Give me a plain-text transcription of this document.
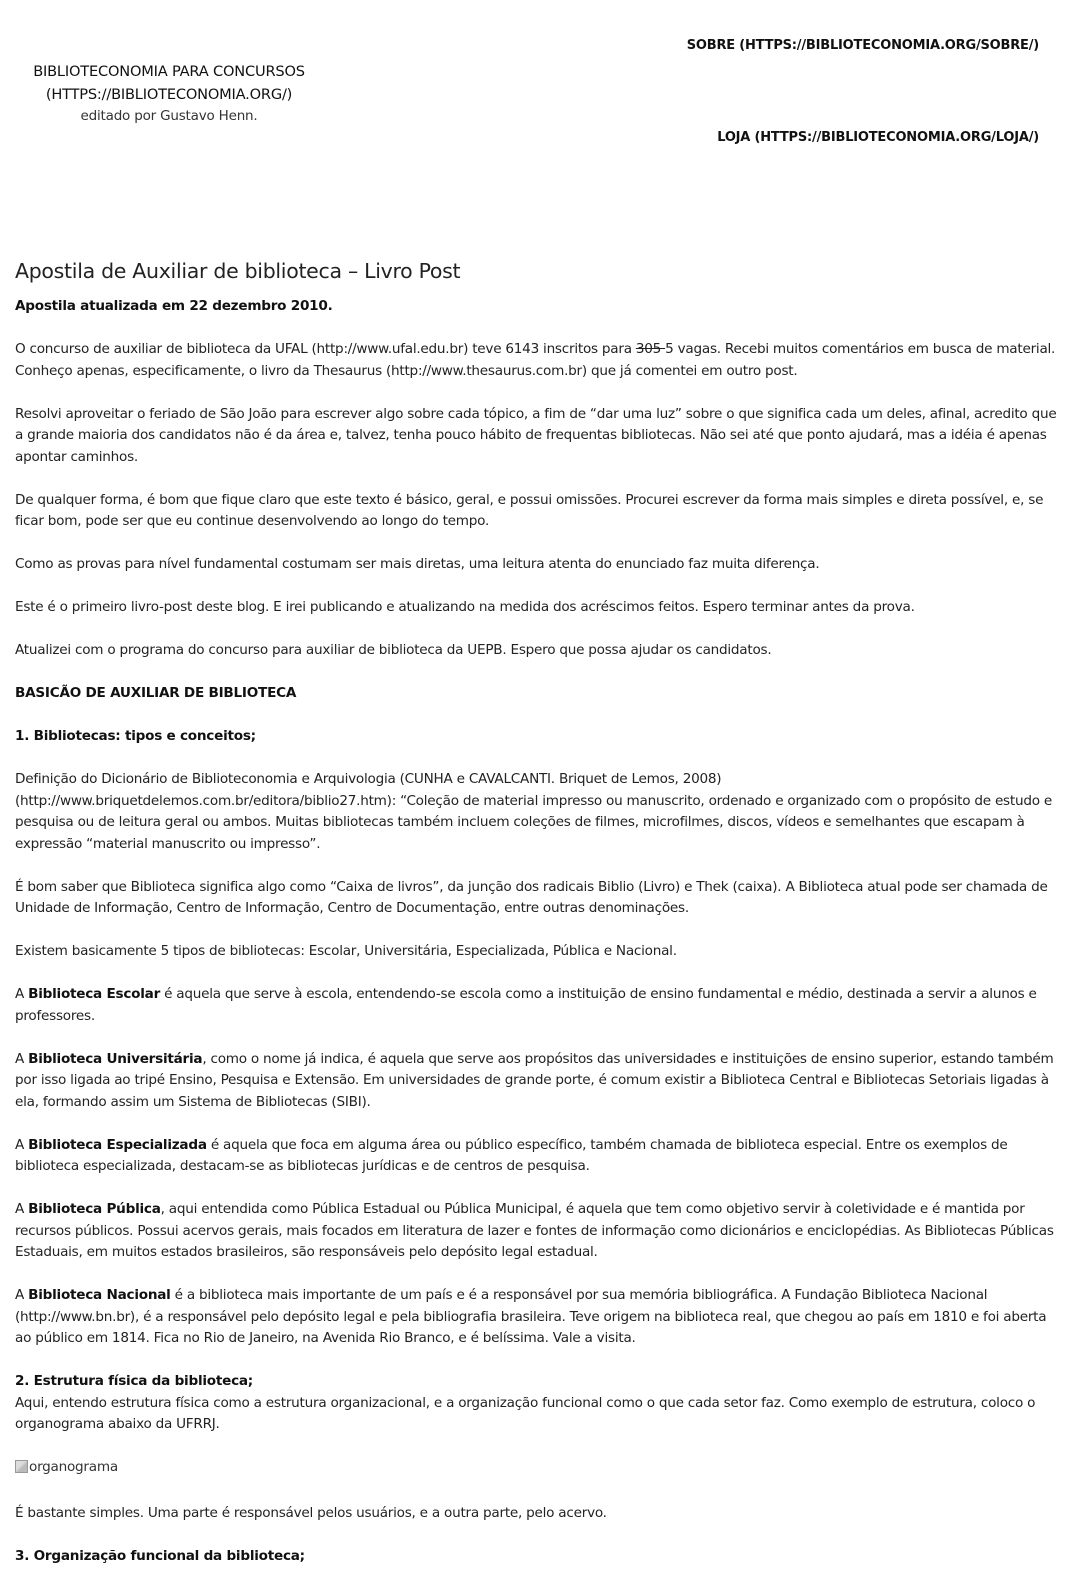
BIBLIOTECONOMIA PARA CONCURSOS
(HTTPS://BIBLIOTECONOMIA.ORG/)
editado por Gustavo Henn.
SOBRE (HTTPS://BIBLIOTECONOMIA.ORG/SOBRE/)
LOJA (HTTPS://BIBLIOTECONOMIA.ORG/LOJA/)
Apostila de Auxiliar de biblioteca – Livro Post

Apostila atualizada em 22 dezembro 2010.

O concurso de auxiliar de biblioteca da UFAL (http://www.ufal.edu.br) teve 6143 inscritos para 305 5 vagas. Recebi muitos comentários em busca de material. Conheço apenas, especificamente, o livro da Thesaurus (http://www.thesaurus.com.br) que já comentei em outro post.

Resolvi aproveitar o feriado de São João para escrever algo sobre cada tópico, a fim de “dar uma luz” sobre o que significa cada um deles, afinal, acredito que a grande maioria dos candidatos não é da área e, talvez, tenha pouco hábito de frequentas bibliotecas. Não sei até que ponto ajudará, mas a idéia é apenas apontar caminhos.

De qualquer forma, é bom que fique claro que este texto é básico, geral, e possui omissões. Procurei escrever da forma mais simples e direta possível, e, se ficar bom, pode ser que eu continue desenvolvendo ao longo do tempo.

Como as provas para nível fundamental costumam ser mais diretas, uma leitura atenta do enunciado faz muita diferença.

Este é o primeiro livro-post deste blog. E irei publicando e atualizando na medida dos acréscimos feitos. Espero terminar antes da prova.

Atualizei com o programa do concurso para auxiliar de biblioteca da UEPB. Espero que possa ajudar os candidatos.

BASICÃO DE AUXILIAR DE BIBLIOTECA

1. Bibliotecas: tipos e conceitos;

Definição do Dicionário de Biblioteconomia e Arquivologia (CUNHA e CAVALCANTI. Briquet de Lemos, 2008) (http://www.briquetdelemos.com.br/editora/biblio27.htm): “Coleção de material impresso ou manuscrito, ordenado e organizado com o propósito de estudo e pesquisa ou de leitura geral ou ambos. Muitas bibliotecas também incluem coleções de filmes, microfilmes, discos, vídeos e semelhantes que escapam à expressão “material manuscrito ou impresso”.

É bom saber que Biblioteca significa algo como “Caixa de livros”, da junção dos radicais Biblio (Livro) e Thek (caixa). A Biblioteca atual pode ser chamada de Unidade de Informação, Centro de Informação, Centro de Documentação, entre outras denominações.

Existem basicamente 5 tipos de bibliotecas: Escolar, Universitária, Especializada, Pública e Nacional.

A Biblioteca Escolar é aquela que serve à escola, entendendo-se escola como a instituição de ensino fundamental e médio, destinada a servir a alunos e professores.

A Biblioteca Universitária, como o nome já indica, é aquela que serve aos propósitos das universidades e instituições de ensino superior, estando também por isso ligada ao tripé Ensino, Pesquisa e Extensão. Em universidades de grande porte, é comum existir a Biblioteca Central e Bibliotecas Setoriais ligadas à ela, formando assim um Sistema de Bibliotecas (SIBI).

A Biblioteca Especializada é aquela que foca em alguma área ou público específico, também chamada de biblioteca especial. Entre os exemplos de biblioteca especializada, destacam-se as bibliotecas jurídicas e de centros de pesquisa.

A Biblioteca Pública, aqui entendida como Pública Estadual ou Pública Municipal, é aquela que tem como objetivo servir à coletividade e é mantida por recursos públicos. Possui acervos gerais, mais focados em literatura de lazer e fontes de informação como dicionários e enciclopédias. As Bibliotecas Públicas Estaduais, em muitos estados brasileiros, são responsáveis pelo depósito legal estadual.

A Biblioteca Nacional é a biblioteca mais importante de um país e é a responsável por sua memória bibliográfica. A Fundação Biblioteca Nacional (http://www.bn.br), é a responsável pelo depósito legal e pela bibliografia brasileira. Teve origem na biblioteca real, que chegou ao país em 1810 e foi aberta ao público em 1814. Fica no Rio de Janeiro, na Avenida Rio Branco, e é belíssima. Vale a visita.

2. Estrutura física da biblioteca;

Aqui, entendo estrutura física como a estrutura organizacional, e a organização funcional como o que cada setor faz. Como exemplo de estrutura, coloco o organograma abaixo da UFRRJ.

organograma

É bastante simples. Uma parte é responsável pelos usuários, e a outra parte, pelo acervo.

3. Organização funcional da biblioteca;
